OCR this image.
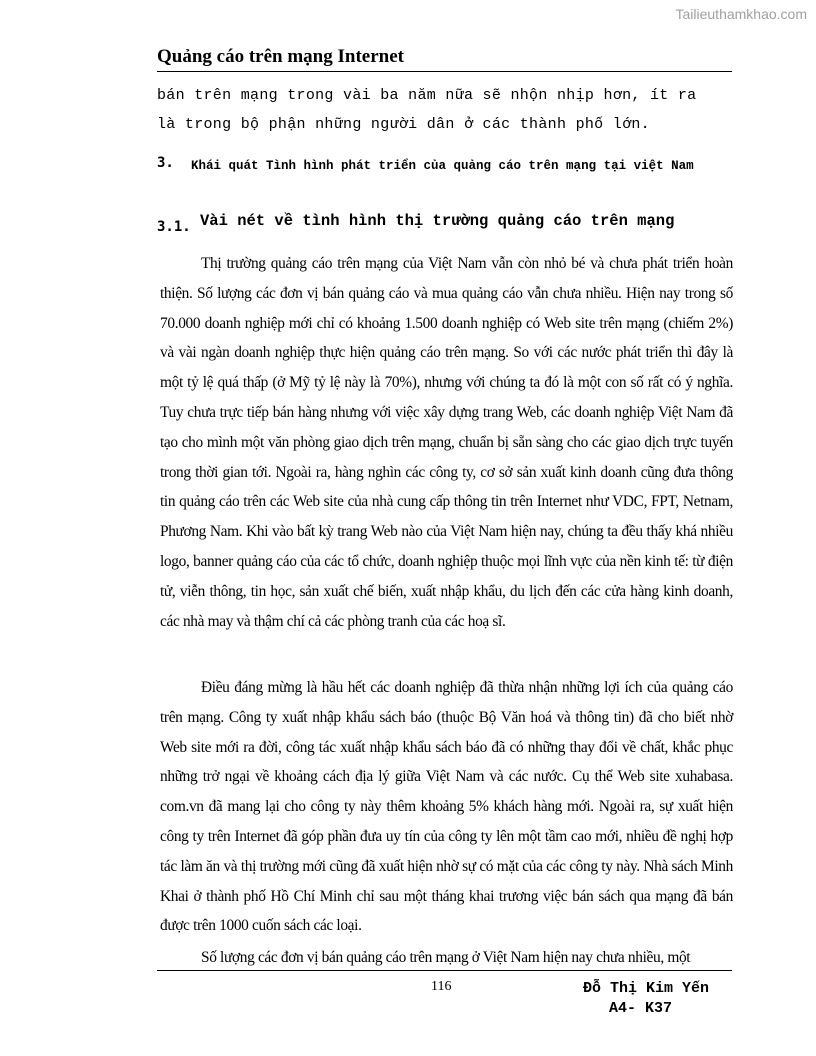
Tailieuthamkhao.com
Quảng cáo trên mạng Internet
bán trên mạng trong vài ba năm nữa sẽ nhộn nhịp hơn, ít ra
là trong bộ phận những người dân ở các thành phố lớn.
3. Khái quát Tình hình phát triển của quảng cáo trên mạng tại việt Nam
3.1. Vài nét về tình hình thị trường quảng cáo trên mạng

Thị trường quảng cáo trên mạng của Việt Nam vẫn còn nhỏ bé và chưa phát triển hoàn thiện. Số lượng các đơn vị bán quảng cáo và mua quảng cáo vẫn chưa nhiều. Hiện nay trong số 70.000 doanh nghiệp mới chỉ có khoảng 1.500 doanh nghiệp có Web site trên mạng (chiếm 2%) và vài ngàn doanh nghiệp thực hiện quảng cáo trên mạng. So với các nước phát triển thì đây là một tỷ lệ quá thấp (ở Mỹ tỷ lệ này là 70%), nhưng với chúng ta đó là một con số rất có ý nghĩa. Tuy chưa trực tiếp bán hàng nhưng với việc xây dựng trang Web, các doanh nghiệp Việt Nam đã tạo cho mình một văn phòng giao dịch trên mạng, chuẩn bị sẵn sàng cho các giao dịch trực tuyến trong thời gian tới. Ngoài ra, hàng nghìn các công ty, cơ sở sản xuất kinh doanh cũng đưa thông tin quảng cáo trên các Web site của nhà cung cấp thông tin trên Internet như VDC, FPT, Netnam, Phương Nam. Khi vào bất kỳ trang Web nào của Việt Nam hiện nay, chúng ta đều thấy khá nhiều logo, banner quảng cáo của các tổ chức, doanh nghiệp thuộc mọi lĩnh vực của nền kinh tế: từ điện tử, viễn thông, tin học, sản xuất chế biến, xuất nhập khẩu, du lịch đến các cửa hàng kinh doanh, các nhà may và thậm chí cả các phòng tranh của các hoạ sĩ.

Điều đáng mừng là hầu hết các doanh nghiệp đã thừa nhận những lợi ích của quảng cáo trên mạng. Công ty xuất nhập khẩu sách báo (thuộc Bộ Văn hoá và thông tin) đã cho biết nhờ Web site mới ra đời, công tác xuất nhập khẩu sách báo đã có những thay đổi về chất, khắc phục những trở ngại về khoảng cách địa lý giữa Việt Nam và các nước. Cụ thể Web site xuhabasa. com.vn đã mang lại cho công ty này thêm khoảng 5% khách hàng mới. Ngoài ra, sự xuất hiện công ty trên Internet đã góp phần đưa uy tín của công ty lên một tầm cao mới, nhiều đề nghị hợp tác làm ăn và thị trường mới cũng đã xuất hiện nhờ sự có mặt của các công ty này. Nhà sách Minh Khai ở thành phố Hồ Chí Minh chỉ sau một tháng khai trương việc bán sách qua mạng đã bán được trên 1000 cuốn sách các loại.

Số lượng các đơn vị bán quảng cáo trên mạng ở Việt Nam hiện nay chưa nhiều, một

116	Đỗ Thị Kim Yến
A4- K37
